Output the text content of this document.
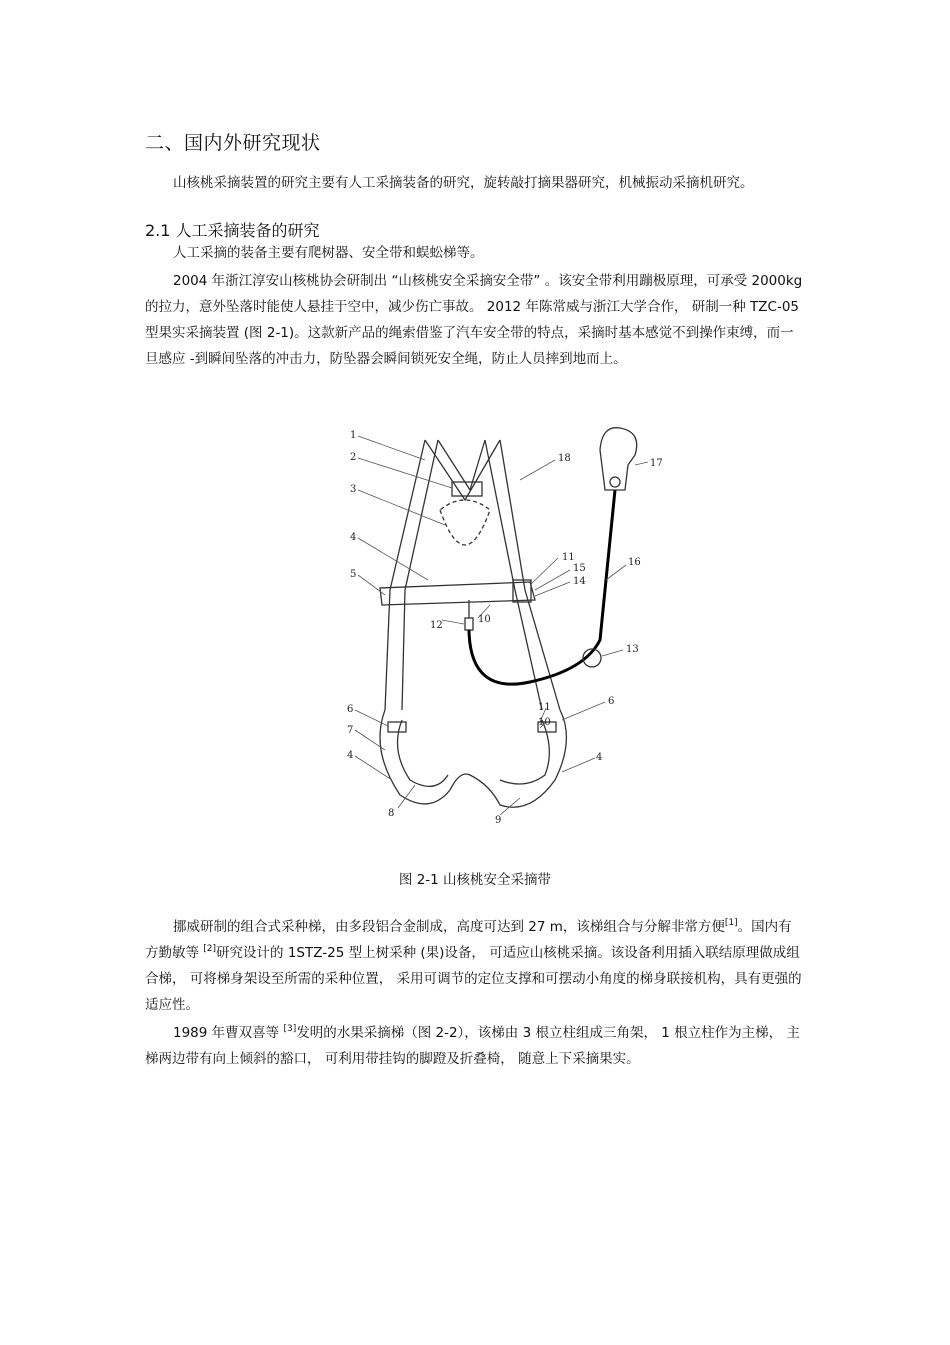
二、国内外研究现状

山核桃采摘装置的研究主要有人工采摘装备的研究，旋转敲打摘果器研究，机械振动采摘机研究。

2.1 人工采摘装备的研究

人工采摘的装备主要有爬树器、安全带和蜈蚣梯等。

2004 年浙江淳安山核桃协会研制出 “山核桃安全采摘安全带” 。该安全带利用蹦极原理，可承受 2000kg 的拉力，意外坠落时能使人悬挂于空中，减少伤亡事故。 2012 年陈常威与浙江大学合作， 研制一种 TZC-05 型果实采摘装置 (图 2-1)。这款新产品的绳索借鉴了汽车安全带的特点，采摘时基本感觉不到操作束缚，而一旦感应 -到瞬间坠落的冲击力，防坠器会瞬间锁死安全绳，防止人员摔到地而上。

1
2
3
4
5
6
7
4
8
9
4
6
11
10
12
10
11
15
14
16
13
17
18
图 2-1 山核桃安全采摘带

挪威研制的组合式采种梯，由多段铝合金制成，高度可达到 27 m，该梯组合与分解非常方便[1]。国内有方勤敏等 [2]研究设计的 1STZ-25 型上树采种 (果)设备， 可适应山核桃采摘。该设备利用插入联结原理做成组合梯， 可将梯身架设至所需的采种位置， 采用可调节的定位支撑和可摆动小角度的梯身联接机构，具有更强的适应性。

1989 年曹双喜等 [3]发明的水果采摘梯（图 2-2），该梯由 3 根立柱组成三角架， 1 根立柱作为主梯， 主梯两边带有向上倾斜的豁口， 可利用带挂钩的脚蹬及折叠椅， 随意上下采摘果实。
